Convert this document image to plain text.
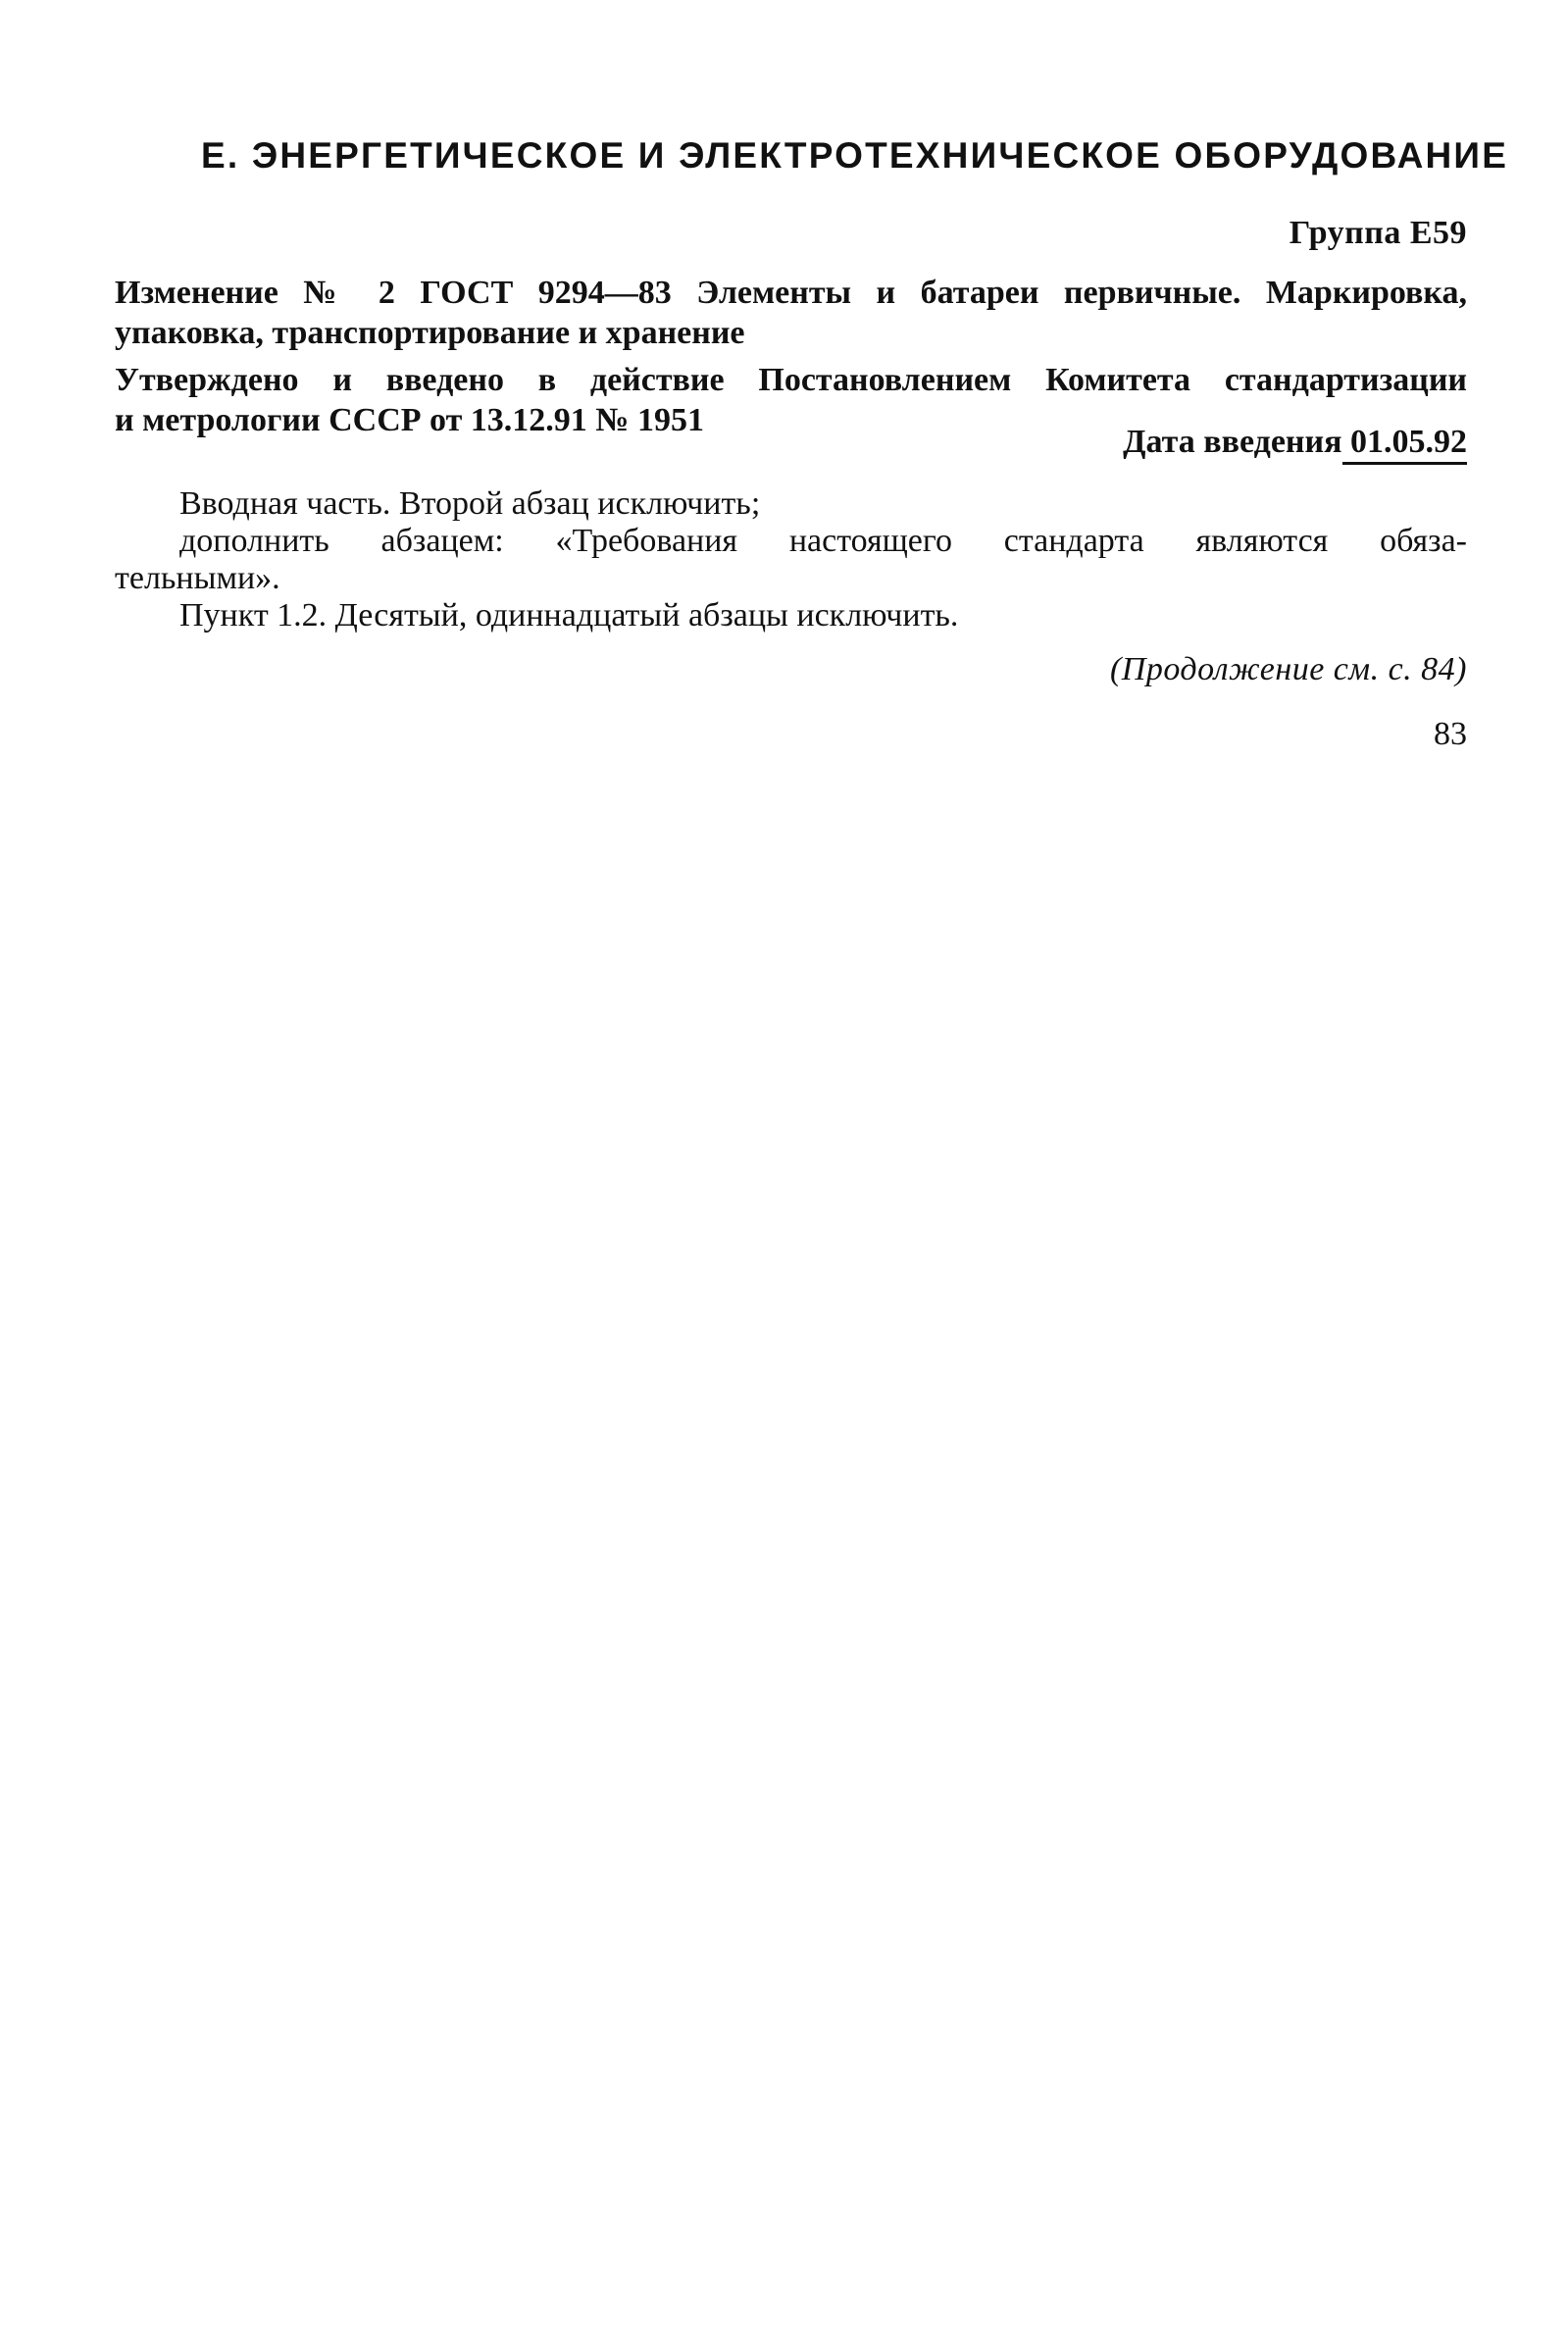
Е. ЭНЕРГЕТИЧЕСКОЕ И ЭЛЕКТРОТЕХНИЧЕСКОЕ ОБОРУДОВАНИЕ
Группа Е59
Изменение № 2 ГОСТ 9294—83 Элементы и батареи первичные. Маркировка,
упаковка, транспортирование и хранение
Утверждено и введено в действие Постановлением Комитета стандартизации
и метрологии СССР от 13.12.91 № 1951
Дата введения 01.05.92
Вводная часть. Второй абзац исключить;
дополнить абзацем: «Требования настоящего стандарта являются обяза-
тельными».
Пункт 1.2. Десятый, одиннадцатый абзацы исключить.
(Продолжение см. с. 84)
83
